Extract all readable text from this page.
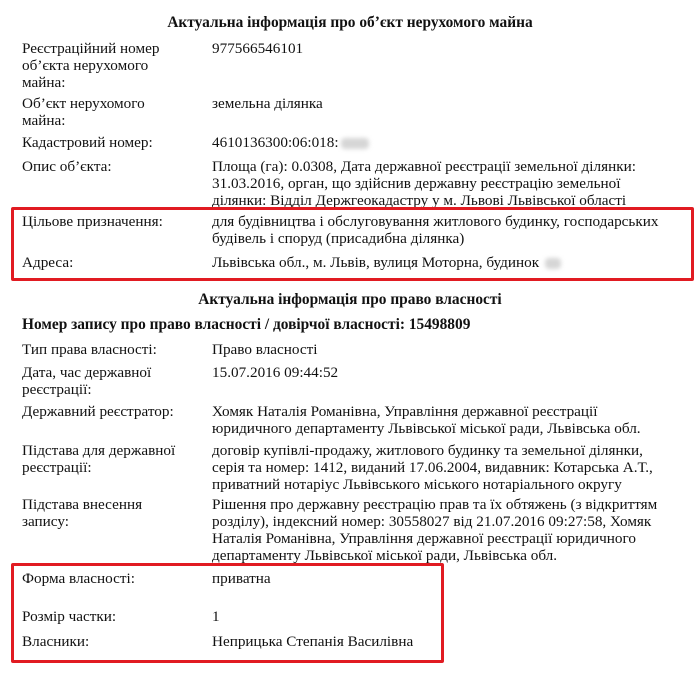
Актуальна інформація про об’єкт нерухомого майна
Реєстраційний номер об’єкта нерухомого майна:
977566546101
Об’єкт нерухомого майна:
земельна ділянка
Кадастровий номер:	4610136300:06:018:
Опис об’єкта:	Площа (га): 0.0308, Дата державної реєстрації земельної ділянки: 31.03.2016, орган, що здійснив державну реєстрацію земельної ділянки: Відділ Держгеокадастру у м. Львові Львівської області
Цільове призначення:	для будівництва і обслуговування житлового будинку, господарських будівель і споруд (присадибна ділянка)
Адреса:	Львівська обл., м. Львів, вулиця Моторна, будинок
Актуальна інформація про право власності
Номер запису про право власності / довірчої власності: 15498809
Тип права власності:	Право власності
Дата, час державної реєстрації:
15.07.2016 09:44:52
Державний реєстратор:	Хомяк Наталія Романівна, Управління державної реєстрації юридичного департаменту Львівської міської ради, Львівська обл.
Підстава для державної реєстрації:
договір купівлі-продажу, житлового будинку та земельної ділянки, серія та номер: 1412, виданий 17.06.2004, видавник: Котарська А.Т., приватний нотаріус Львівського міського нотаріального округу
Підстава внесення запису:
Рішення про державну реєстрацію прав та їх обтяжень (з відкриттям розділу), індексний номер: 30558027 від 21.07.2016 09:27:58, Хомяк Наталія Романівна, Управління державної реєстрації юридичного департаменту Львівської міської ради, Львівська обл.
Форма власності:	приватна
Розмір частки:	1
Власники:	Неприцька Степанія Василівна
